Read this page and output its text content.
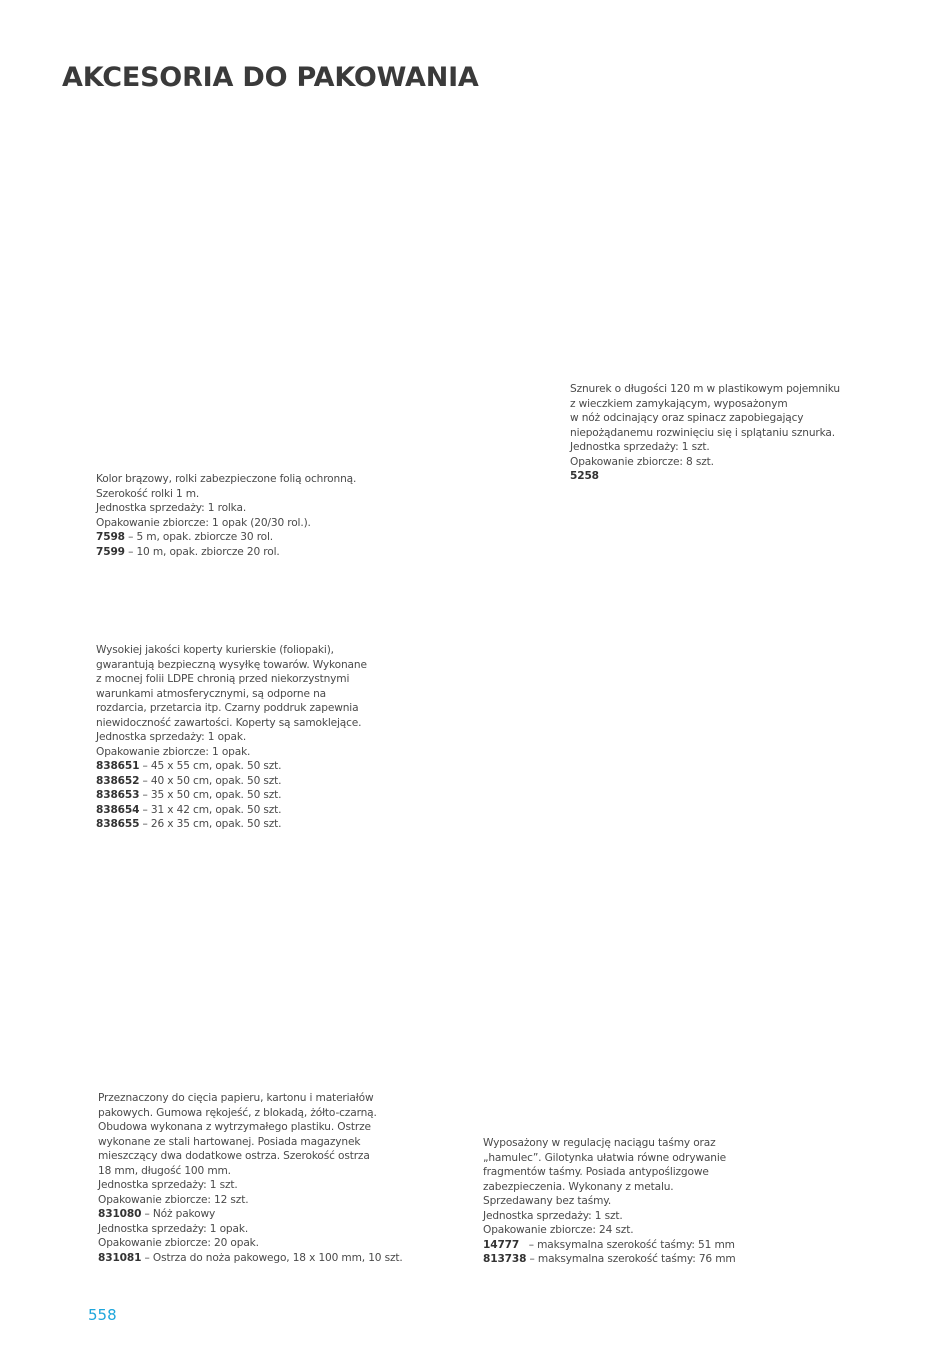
AKCESORIA DO PAKOWANIA
Kolor brązowy, rolki zabezpieczone folią ochronną.
Szerokość rolki 1 m.
Jednostka sprzedaży: 1 rolka.
Opakowanie zbiorcze: 1 opak (20/30 rol.).
7598 – 5 m, opak. zbiorcze 30 rol.
7599 – 10 m, opak. zbiorcze 20 rol.
Sznurek o długości 120 m w plastikowym pojemniku
z wieczkiem zamykającym, wyposażonym
w nóż odcinający oraz spinacz zapobiegający
niepożądanemu rozwinięciu się i splątaniu sznurka.
Jednostka sprzedaży: 1 szt.
Opakowanie zbiorcze: 8 szt.
5258
Wysokiej jakości koperty kurierskie (foliopaki),
gwarantują bezpieczną wysyłkę towarów. Wykonane
z mocnej folii LDPE chronią przed niekorzystnymi
warunkami atmosferycznymi, są odporne na
rozdarcia, przetarcia itp. Czarny poddruk zapewnia
niewidoczność zawartości. Koperty są samoklejące.
Jednostka sprzedaży: 1 opak.
Opakowanie zbiorcze: 1 opak.
838651 – 45 x 55 cm, opak. 50 szt.
838652 – 40 x 50 cm, opak. 50 szt.
838653 – 35 x 50 cm, opak. 50 szt.
838654 – 31 x 42 cm, opak. 50 szt.
838655 – 26 x 35 cm, opak. 50 szt.
Przeznaczony do cięcia papieru, kartonu i materiałów
pakowych. Gumowa rękojeść, z blokadą, żółto-czarną.
Obudowa wykonana z wytrzymałego plastiku. Ostrze
wykonane ze stali hartowanej. Posiada magazynek
mieszczący dwa dodatkowe ostrza. Szerokość ostrza
18 mm, długość 100 mm.
Jednostka sprzedaży: 1 szt.
Opakowanie zbiorcze: 12 szt.
831080 – Nóż pakowy
Jednostka sprzedaży: 1 opak.
Opakowanie zbiorcze: 20 opak.
831081 – Ostrza do noża pakowego, 18 x 100 mm, 10 szt.
Wyposażony w regulację naciągu taśmy oraz
„hamulec”. Gilotynka ułatwia równe odrywanie
fragmentów taśmy. Posiada antypoślizgowe
zabezpieczenia. Wykonany z metalu.
Sprzedawany bez taśmy.
Jednostka sprzedaży: 1 szt.
Opakowanie zbiorcze: 24 szt.
14777   – maksymalna szerokość taśmy: 51 mm
813738 – maksymalna szerokość taśmy: 76 mm

558
